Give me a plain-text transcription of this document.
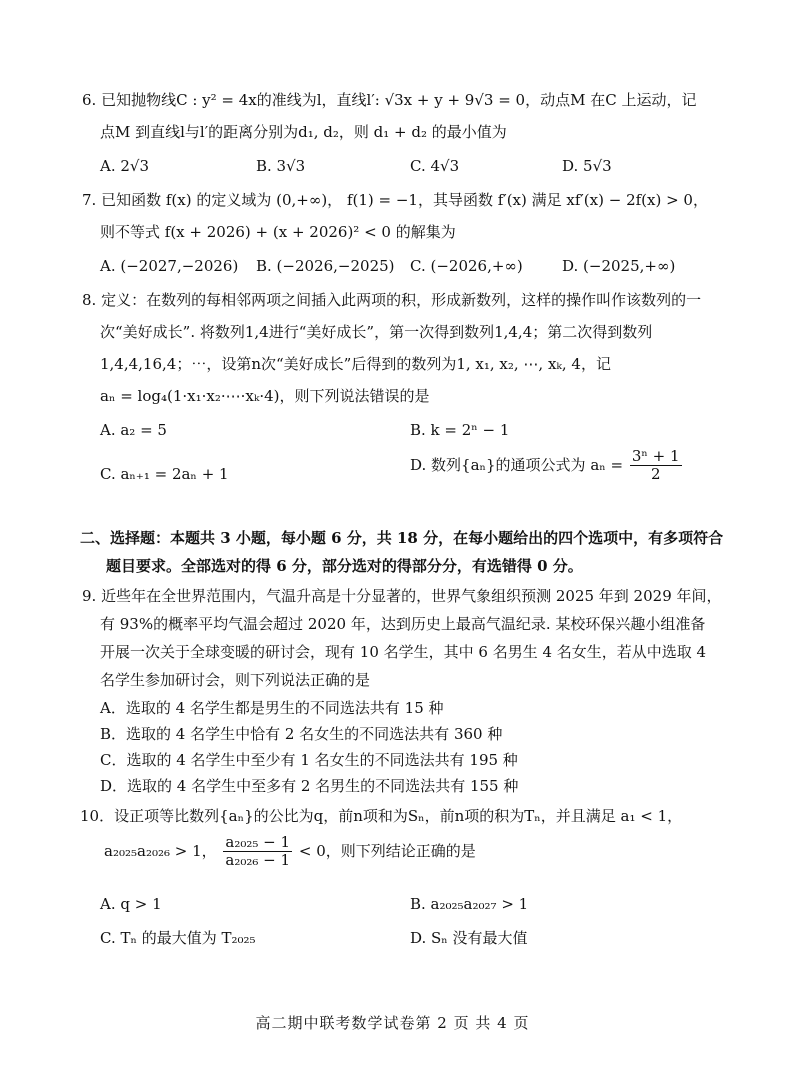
6. 已知抛物线C : y² = 4x的准线为l，直线l′: √3x + y + 9√3 = 0，动点M 在C 上运动，记
点M 到直线l与l′的距离分别为d₁, d₂，则 d₁ + d₂ 的最小值为
A. 2√3	B. 3√3	C. 4√3	D. 5√3
7. 已知函数 f(x) 的定义域为 (0,+∞)， f(1) = −1，其导函数 f′(x) 满足 xf′(x) − 2f(x) > 0，
则不等式 f(x + 2026) + (x + 2026)² < 0 的解集为
A. (−2027,−2026) B. (−2026,−2025) C. (−2026,+∞)	D. (−2025,+∞)
8. 定义：在数列的每相邻两项之间插入此两项的积，形成新数列，这样的操作叫作该数列的一
次“美好成长”. 将数列1,4进行“美好成长”，第一次得到数列1,4,4；第二次得到数列
1,4,4,16,4；⋯，设第n次“美好成长”后得到的数列为1, x₁, x₂, ⋯, xₖ, 4，记
aₙ = log₄(1·x₁·x₂·⋯·xₖ·4)，则下列说法错误的是
A. a₂ = 5	B. k = 2ⁿ − 1
C. aₙ₊₁ = 2aₙ + 1	D. 数列{aₙ}的通项公式为 $a_n = \frac{\text{3ⁿ + 1}}{2}$
二、选择题：本题共 3 小题，每小题 6 分，共 18 分，在每小题给出的四个选项中，有多项符合
题目要求。全部选对的得 6 分，部分选对的得部分分，有选错得 0 分。
9. 近些年在全世界范围内，气温升高是十分显著的，世界气象组织预测 2025 年到 2029 年间，
有 93%的概率平均气温会超过 2020 年，达到历史上最高气温纪录. 某校环保兴趣小组准备
开展一次关于全球变暖的研讨会，现有 10 名学生，其中 6 名男生 4 名女生，若从中选取 4
名学生参加研讨会，则下列说法正确的是
A．选取的 4 名学生都是男生的不同选法共有 15 种
B．选取的 4 名学生中恰有 2 名女生的不同选法共有 360 种
C．选取的 4 名学生中至少有 1 名女生的不同选法共有 195 种
D．选取的 4 名学生中至多有 2 名男生的不同选法共有 155 种
10．设正项等比数列{aₙ}的公比为q，前n项和为Sₙ，前n项的积为Tₙ，并且满足 a₁ < 1，
a₂₀₂₅a₂₀₂₆ > 1， $\frac{\text{a₂₀₂₅ − 1}}{\text{a₂₀₂₆ − 1}} < 0$，则下列结论正确的是
A. q > 1	B. a₂₀₂₅a₂₀₂₇ > 1
C. Tₙ 的最大值为 T₂₀₂₅	D. Sₙ 没有最大值
高二期中联考数学试卷第 2 页 共 4 页
